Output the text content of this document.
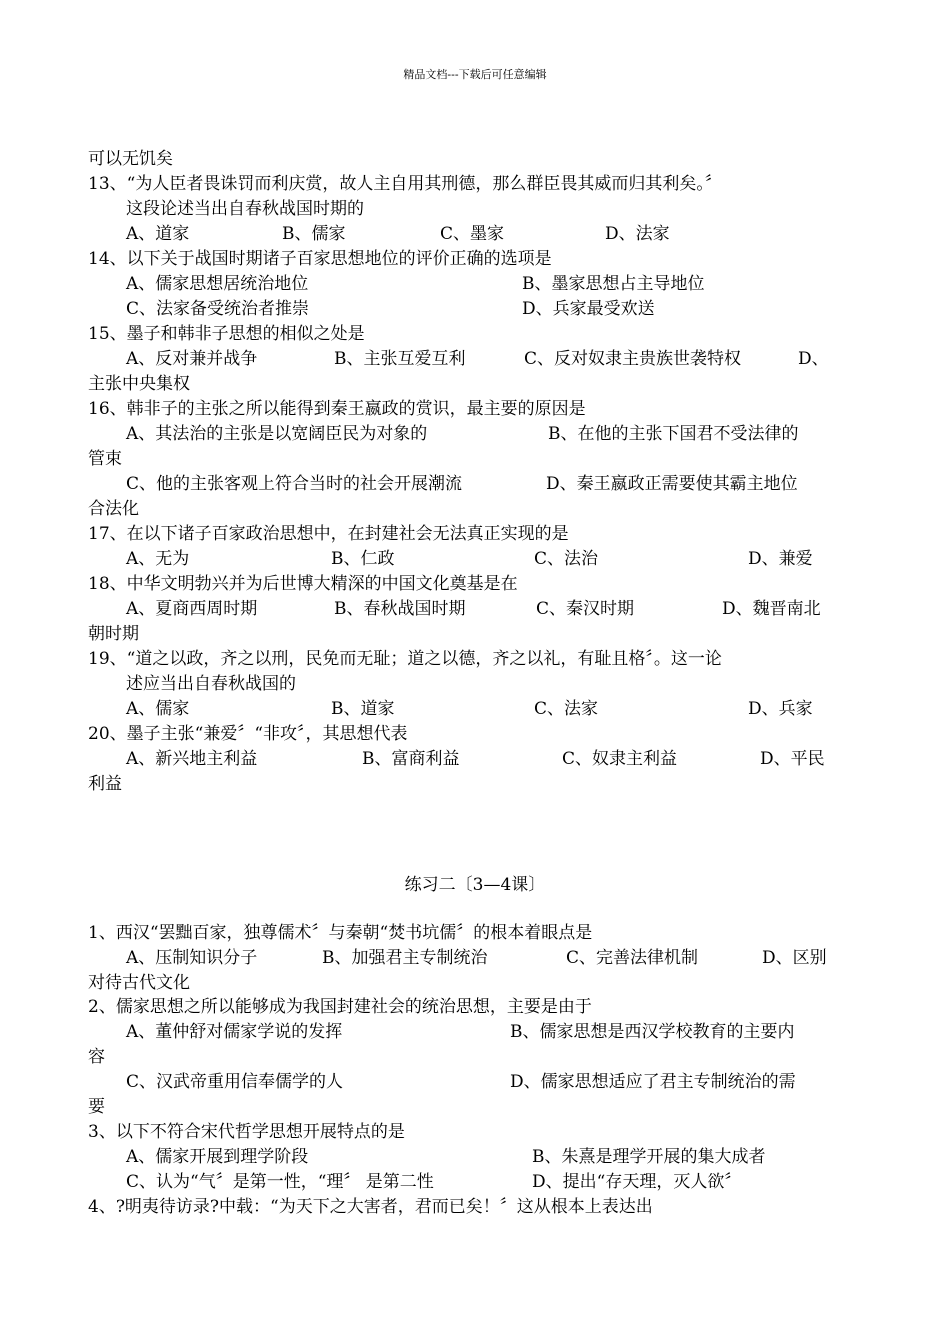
精品文档---下载后可任意编辑
可以无饥矣
13、“为人臣者畏诛罚而利庆赏，故人主自用其刑德，那么群臣畏其威而归其利矣。〞
这段论述当出自春秋战国时期的
A、道家	B、儒家	C、墨家	D、法家
14、以下关于战国时期诸子百家思想地位的评价正确的选项是
A、儒家思想居统治地位	B、墨家思想占主导地位
C、法家备受统治者推崇	D、兵家最受欢送
15、墨子和韩非子思想的相似之处是
A、反对兼并战争	B、主张互爱互利	C、反对奴隶主贵族世袭特权	D、
主张中央集权
16、韩非子的主张之所以能得到秦王嬴政的赏识，最主要的原因是
A、其法治的主张是以宽阔臣民为对象的	B、在他的主张下国君不受法律的
管束
C、他的主张客观上符合当时的社会开展潮流	D、秦王嬴政正需要使其霸主地位
合法化
17、在以下诸子百家政治思想中，在封建社会无法真正实现的是
A、无为	B、仁政	C、法治	D、兼爱
18、中华文明勃兴并为后世博大精深的中国文化奠基是在
A、夏商西周时期	B、春秋战国时期	C、秦汉时期	D、魏晋南北
朝时期
19、“道之以政，齐之以刑，民免而无耻；道之以德，齐之以礼，有耻且格〞。这一论
述应当出自春秋战国的
A、儒家	B、道家	C、法家	D、兵家
20、墨子主张“兼爱〞“非攻〞，其思想代表
A、新兴地主利益	B、富商利益	C、奴隶主利益	D、平民
利益
练习二〔3—4课〕
1、西汉“罢黜百家，独尊儒术〞与秦朝“焚书坑儒〞的根本着眼点是
A、压制知识分子	B、加强君主专制统治	C、完善法律机制	D、区别
对待古代文化
2、儒家思想之所以能够成为我国封建社会的统治思想，主要是由于
A、董仲舒对儒家学说的发挥	B、儒家思想是西汉学校教育的主要内
容
C、汉武帝重用信奉儒学的人	D、儒家思想适应了君主专制统治的需
要
3、以下不符合宋代哲学思想开展特点的是
A、儒家开展到理学阶段	B、朱熹是理学开展的集大成者
C、认为“气〞是第一性，“理〞 是第二性	D、提出“存天理，灭人欲〞
4、?明夷待访录?中载：“为天下之大害者，君而已矣！〞这从根本上表达出
